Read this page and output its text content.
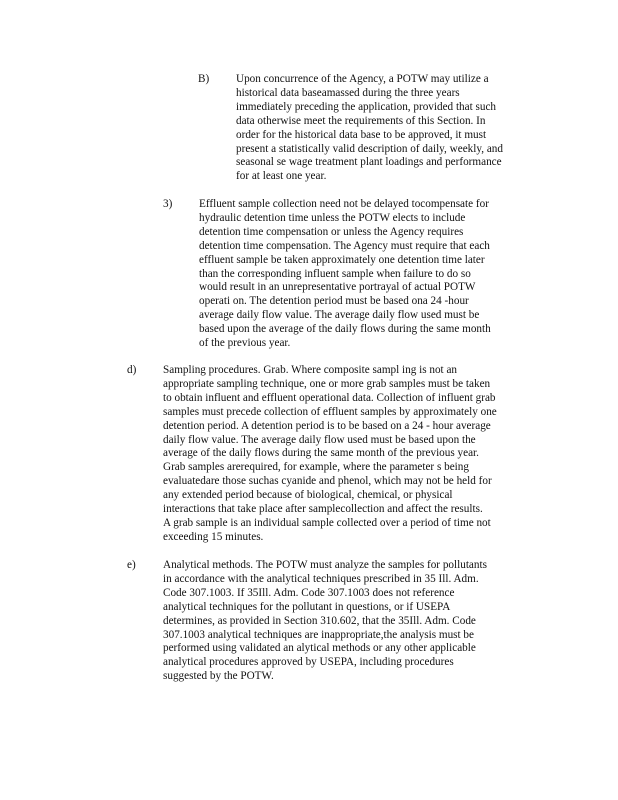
B) Upon concurrence of the Agency, a POTW may utilize a
historical data baseamassed during the three years
immediately preceding the application, provided that such
data otherwise meet the requirements of this Section. In
order for the historical data base to be approved, it must
present a statistically valid description of daily, weekly, and
seasonal se wage treatment plant loadings and performance
for at least one year.
3) Effluent sample collection need not be delayed tocompensate for
hydraulic detention time unless the POTW elects to include
detention time compensation or unless the Agency requires
detention time compensation. The Agency must require that each
effluent sample be taken approximately one detention time later
than the corresponding influent sample when failure to do so
would result in an unrepresentative portrayal of actual POTW
operati on. The detention period must be based ona 24 -hour
average daily flow value. The average daily flow used must be
based upon the average of the daily flows during the same month
of the previous year.
d) Sampling procedures. Grab. Where composite sampl ing is not an
appropriate sampling technique, one or more grab samples must be taken
to obtain influent and effluent operational data. Collection of influent grab
samples must precede collection of effluent samples by approximately one
detention period. A detention period is to be based on a 24 - hour average
daily flow value. The average daily flow used must be based upon the
average of the daily flows during the same month of the previous year.
Grab samples arerequired, for example, where the parameter s being
evaluatedare those suchas cyanide and phenol, which may not be held for
any extended period because of biological, chemical, or physical
interactions that take place after samplecollection and affect the results.
A grab sample is an individual sample collected over a period of time not
exceeding 15 minutes.
e) Analytical methods. The POTW must analyze the samples for pollutants
in accordance with the analytical techniques prescribed in 35 Ill. Adm.
Code 307.1003. If 35Ill. Adm. Code 307.1003 does not reference
analytical techniques for the pollutant in questions, or if USEPA
determines, as provided in Section 310.602, that the 35Ill. Adm. Code
307.1003 analytical techniques are inappropriate,the analysis must be
performed using validated an alytical methods or any other applicable
analytical procedures approved by USEPA, including procedures
suggested by the POTW.
